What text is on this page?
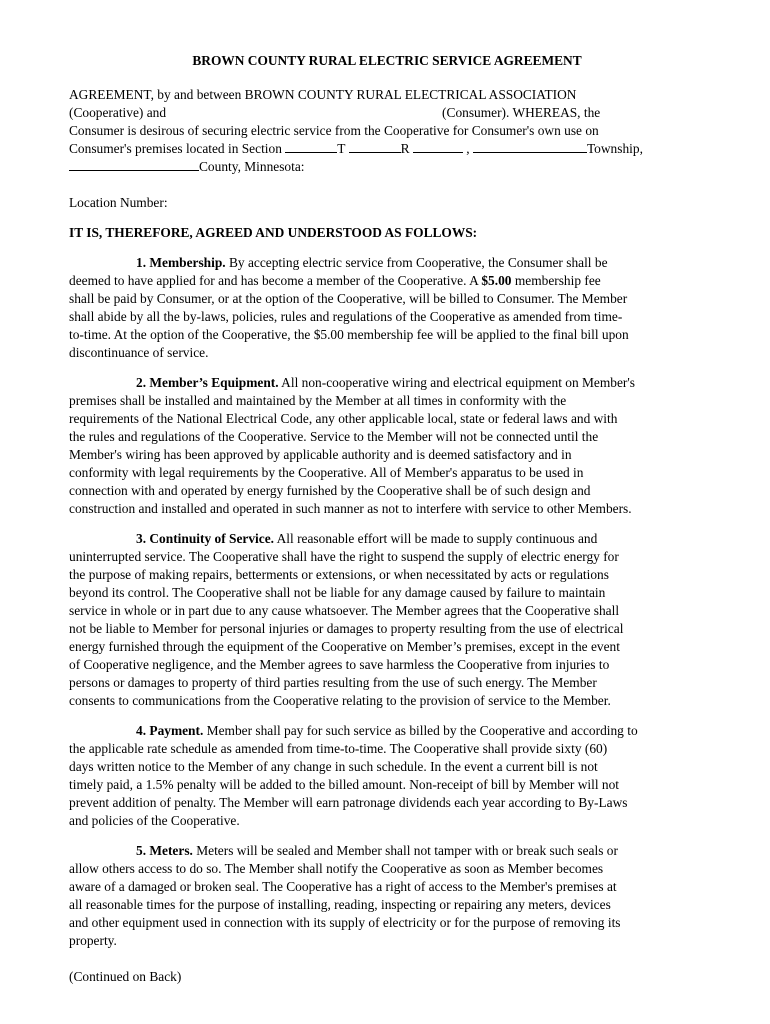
BROWN COUNTY RURAL ELECTRIC SERVICE AGREEMENT
AGREEMENT, by and between BROWN COUNTY RURAL ELECTRICAL ASSOCIATION
(Cooperative) and	(Consumer). WHEREAS, the
Consumer is desirous of securing electric service from the Cooperative for Consumer's own use on
Consumer's premises located in Section	T	R	,	Township,
County, Minnesota:
Location Number:
IT IS, THEREFORE, AGREED AND UNDERSTOOD AS FOLLOWS:
1. Membership. By accepting electric service from Cooperative, the Consumer shall be
deemed to have applied for and has become a member of the Cooperative. A $5.00 membership fee
shall be paid by Consumer, or at the option of the Cooperative, will be billed to Consumer. The Member
shall abide by all the by-laws, policies, rules and regulations of the Cooperative as amended from time-
to-time. At the option of the Cooperative, the $5.00 membership fee will be applied to the final bill upon
discontinuance of service.
2. Member’s Equipment. All non-cooperative wiring and electrical equipment on Member's
premises shall be installed and maintained by the Member at all times in conformity with the
requirements of the National Electrical Code, any other applicable local, state or federal laws and with
the rules and regulations of the Cooperative. Service to the Member will not be connected until the
Member's wiring has been approved by applicable authority and is deemed satisfactory and in
conformity with legal requirements by the Cooperative. All of Member's apparatus to be used in
connection with and operated by energy furnished by the Cooperative shall be of such design and
construction and installed and operated in such manner as not to interfere with service to other Members.
3. Continuity of Service. All reasonable effort will be made to supply continuous and
uninterrupted service. The Cooperative shall have the right to suspend the supply of electric energy for
the purpose of making repairs, betterments or extensions, or when necessitated by acts or regulations
beyond its control. The Cooperative shall not be liable for any damage caused by failure to maintain
service in whole or in part due to any cause whatsoever. The Member agrees that the Cooperative shall
not be liable to Member for personal injuries or damages to property resulting from the use of electrical
energy furnished through the equipment of the Cooperative on Member’s premises, except in the event
of Cooperative negligence, and the Member agrees to save harmless the Cooperative from injuries to
persons or damages to property of third parties resulting from the use of such energy. The Member
consents to communications from the Cooperative relating to the provision of service to the Member.
4. Payment. Member shall pay for such service as billed by the Cooperative and according to
the applicable rate schedule as amended from time-to-time. The Cooperative shall provide sixty (60)
days written notice to the Member of any change in such schedule. In the event a current bill is not
timely paid, a 1.5% penalty will be added to the billed amount. Non-receipt of bill by Member will not
prevent addition of penalty. The Member will earn patronage dividends each year according to By-Laws
and policies of the Cooperative.
5. Meters. Meters will be sealed and Member shall not tamper with or break such seals or
allow others access to do so. The Member shall notify the Cooperative as soon as Member becomes
aware of a damaged or broken seal. The Cooperative has a right of access to the Member's premises at
all reasonable times for the purpose of installing, reading, inspecting or repairing any meters, devices
and other equipment used in connection with its supply of electricity or for the purpose of removing its
property.
(Continued on Back)
